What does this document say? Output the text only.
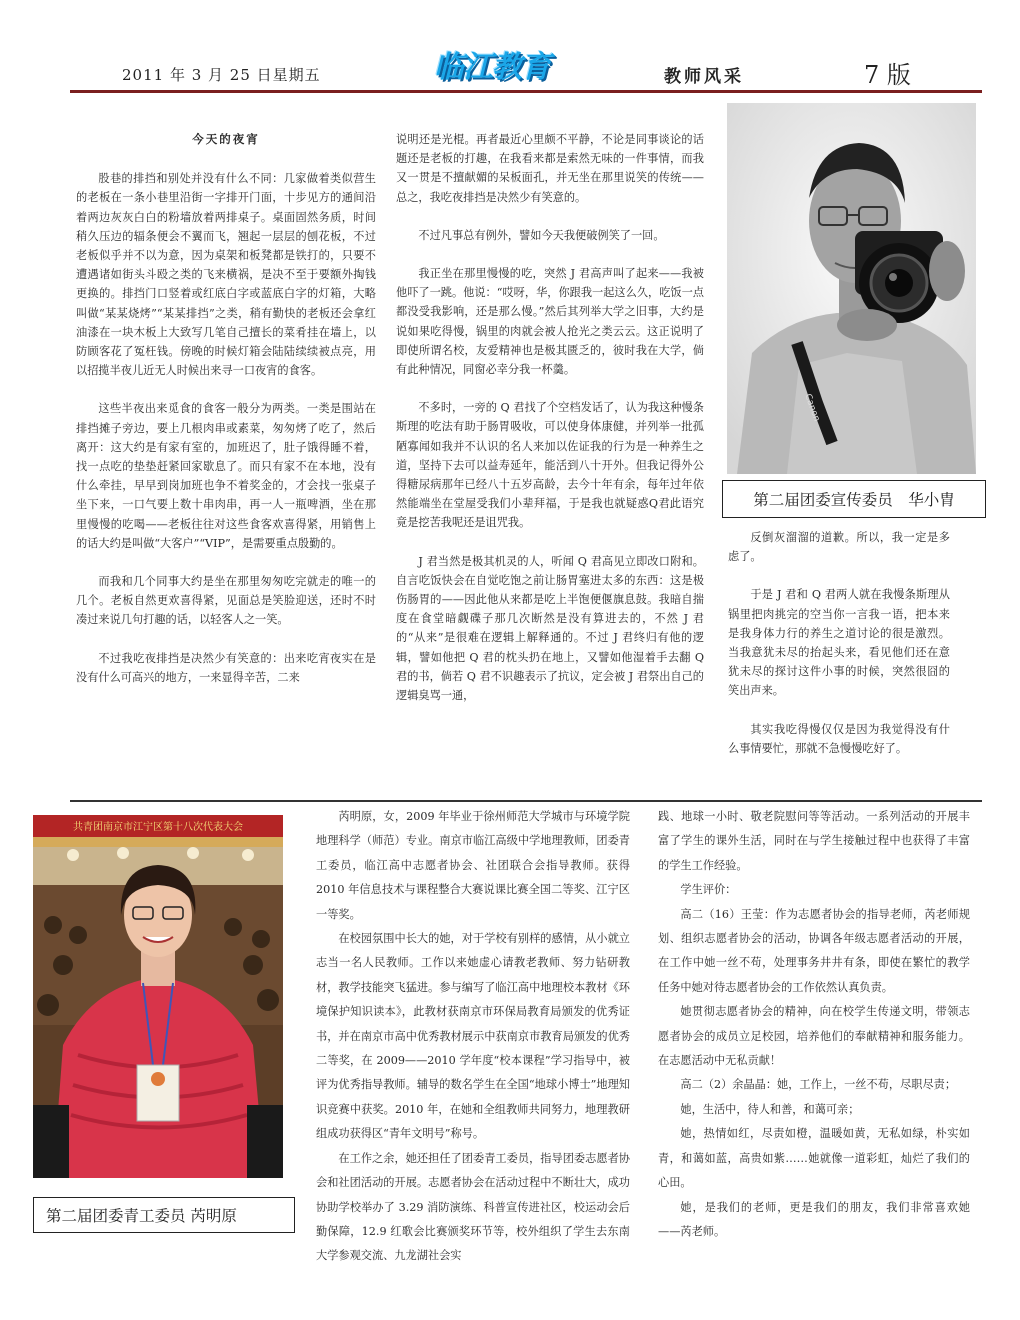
2011 年 3 月 25 日星期五	临江教育	教师风采	7 版

今天的夜宵

股巷的排挡和别处并没有什么不同：几家做着类似营生的老板在一条小巷里沿街一字排开门面，十步见方的通间沿着两边灰灰白白的粉墙放着两排桌子。桌面固然务质，时间稍久压边的辐条便会不翼而飞，翘起一层层的刨花板，不过老板似乎并不以为意，因为桌架和板凳都是铁打的，只要不遭遇诸如街头斗殴之类的飞来横祸，是决不至于要额外掏钱更换的。排挡门口竖着或红底白字或蓝底白字的灯箱，大略叫做“某某烧烤”“某某排挡”之类，稍有勤快的老板还会拿红油漆在一块木板上大致写几笔自己擅长的菜肴挂在墙上，以防顾客花了冤枉钱。傍晚的时候灯箱会陆陆续续被点亮，用以招揽半夜儿近无人时候出来寻一口夜宵的食客。

这些半夜出来觅食的食客一般分为两类。一类是围站在排挡摊子旁边，要上几根肉串或素菜，匆匆烤了吃了，然后离开：这大约是有家有室的，加班迟了，肚子饿得睡不着，找一点吃的垫垫赶紧回家歇息了。而只有家不在本地，没有什么牵挂，早早到岗加班也争不着奖金的，才会找一张桌子坐下来，一口气要上数十串肉串，再一人一瓶啤酒，坐在那里慢慢的吃喝——老板往往对这些食客欢喜得紧，用销售上的话大约是叫做“大客户”“VIP”，是需要重点殷勤的。

而我和几个同事大约是坐在那里匆匆吃完就走的唯一的几个。老板自然更欢喜得紧，见面总是笑脸迎送，还时不时凑过来说几句打趣的话，以轻客人之一笑。

不过我吃夜排挡是决然少有笑意的：出来吃宵夜实在是没有什么可高兴的地方，一来显得辛苦，二来

说明还是光棍。再者最近心里颇不平静，不论是同事谈论的话题还是老板的打趣，在我看来都是索然无味的一件事情，而我又一贯是不擅献媚的呆板面孔，并无坐在那里说笑的传统——总之，我吃夜排挡是决然少有笑意的。

不过凡事总有例外，譬如今天我便破例笑了一回。

我正坐在那里慢慢的吃，突然 J 君高声叫了起来——我被他吓了一跳。他说：“哎呀，华，你跟我一起这么久，吃饭一点都没受我影响，还是那么慢。”然后其列举大学之旧事，大约是说如果吃得慢，锅里的肉就会被人抢光之类云云。这正说明了即使所谓名校，友爱精神也是极其匮乏的，彼时我在大学，倘有此种情况，同窗必幸分我一杯羹。

不多时，一旁的 Q 君找了个空档发话了，认为我这种慢条斯理的吃法有助于肠胃吸收，可以使身体康健，并列举一批孤陋寡闻如我并不认识的名人来加以佐证我的行为是一种养生之道，坚持下去可以益寿延年，能活到八十开外。但我记得外公得糖尿病那年已经八十五岁高龄，去今十年有余，每年过年依然能端坐在堂屋受我们小辈拜福，于是我也就疑惑Q君此语究竟是挖苦我呢还是诅咒我。

J 君当然是极其机灵的人，听闻 Q 君高见立即改口附和。自言吃饭快会在自觉吃饱之前让肠胃塞进太多的东西：这是极伤肠胃的——因此他从来都是吃上半饱便偃旗息鼓。我暗自揣度在食堂暗觑碟子那几次断然是没有算进去的，不然 J 君的“从来”是很难在逻辑上解释通的。不过 J 君终归有他的逻辑，譬如他把 Q 君的枕头扔在地上，又譬如他湿着手去翻 Q 君的书，倘若 Q 君不识趣表示了抗议，定会被 J 君祭出自己的逻辑臭骂一通，

Canon
第二届团委宣传委员　华小胄

反倒灰溜溜的道歉。所以，我一定是多虑了。

于是 J 君和 Q 君两人就在我慢条斯理从锅里把肉挑完的空当你一言我一语，把本来是我身体力行的养生之道讨论的很是激烈。当我意犹未尽的抬起头来，看见他们还在意犹未尽的探讨这件小事的时候，突然很囧的笑出声来。

其实我吃得慢仅仅是因为我觉得没有什么事情要忙，那就不急慢慢吃好了。

共青团南京市江宁区第十八次代表大会
第二届团委青工委员 芮明原

芮明原，女，2009 年毕业于徐州师范大学城市与环境学院地理科学（师范）专业。南京市临江高级中学地理教师，团委青工委员，临江高中志愿者协会、社团联合会指导教师。获得 2010 年信息技术与课程整合大赛说课比赛全国二等奖、江宁区一等奖。

在校园氛围中长大的她，对于学校有别样的感情，从小就立志当一名人民教师。工作以来她虚心请教老教师、努力钻研教材，教学技能突飞猛进。参与编写了临江高中地理校本教材《环境保护知识读本》，此教材获南京市环保局教育局颁发的优秀证书，并在南京市高中优秀教材展示中获南京市教育局颁发的优秀二等奖，在 2009——2010 学年度“校本课程”学习指导中，被评为优秀指导教师。辅导的数名学生在全国“地球小博士”地理知识竞赛中获奖。2010 年，在她和全组教师共同努力，地理教研组成功获得区“青年文明号”称号。

在工作之余，她还担任了团委青工委员，指导团委志愿者协会和社团活动的开展。志愿者协会在活动过程中不断壮大，成功协助学校举办了 3.29 消防演练、科普宣传进社区，校运动会后勤保障，12.9 红歌会比赛颁奖环节等，校外组织了学生去东南大学参观交流、九龙湖社会实

践、地球一小时、敬老院慰问等等活动。一系列活动的开展丰富了学生的课外生活，同时在与学生接触过程中也获得了丰富的学生工作经验。

学生评价：

高二（16）王莹：作为志愿者协会的指导老师，芮老师规划、组织志愿者协会的活动，协调各年级志愿者活动的开展，在工作中她一丝不苟，处理事务井井有条，即使在繁忙的教学任务中她对待志愿者协会的工作依然认真负责。

她贯彻志愿者协会的精神，向在校学生传递文明，带领志愿者协会的成员立足校园，培养他们的奉献精神和服务能力。在志愿活动中无私贡献！

高二（2）余晶晶：她，工作上，一丝不苟，尽职尽责；

她，生活中，待人和善，和蔼可亲；

她，热情如红，尽责如橙，温暖如黄，无私如绿，朴实如青，和蔼如蓝，高贵如紫……她就像一道彩虹，灿烂了我们的心田。

她，是我们的老师，更是我们的朋友，我们非常喜欢她——芮老师。
